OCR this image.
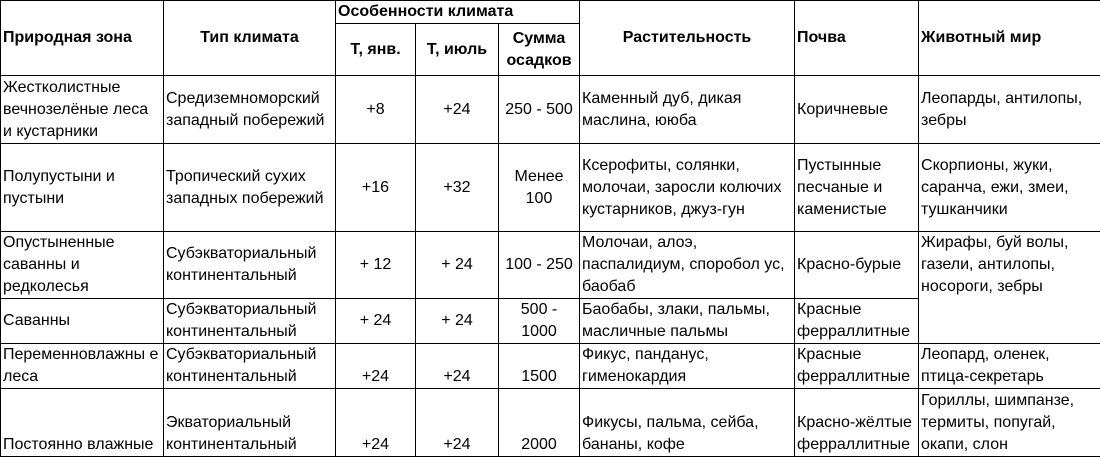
Природная зона	Тип климата	Особенности климата			Растительность	Почва	Животный мир
		Т, янв.	Т, июль	Сумма осадков			
Жестколистные вечнозелёные леса и кустарники	Средиземноморский западный побережий	+8	+24	250 - 500	Каменный дуб, дикая маслина, ююба	Коричневые	Леопарды, антилопы, зебры
Полупустыни и пустыни	Тропический сухих западных побережий	+16	+32	Менее 100	Ксерофиты, солянки, молочаи, заросли колючих кустарников, джуз-гун	Пустынные песчаные и каменистые	Скорпионы, жуки, саранча, ежи, змеи, тушканчики
Опустыненные саванны и редколесья	Субэкваториальный континентальный	+ 12	+ 24	100 - 250	Молочаи, алоэ, паспалидиум, споробол ус, баобаб	Красно-бурые	Жирафы, буй волы, газели, антилопы, носороги, зебры
Саванны	Субэкваториальный континентальный	+ 24	+ 24	500 - 1000	Баобабы, злаки, пальмы, масличные пальмы	Красные ферраллитные	
Переменновлажны е леса	Субэкваториальный континентальный	+24	+24	1500	Фикус, панданус, гименокардия	Красные ферраллитные	Леопард, оленек, птица-секретарь
Постоянно влажные	Экваториальный континентальный	+24	+24	2000	Фикусы, пальма, сейба, бананы, кофе	Красно-жёлтые ферраллитные	Гориллы, шимпанзе, термиты, попугай, окапи, слон
